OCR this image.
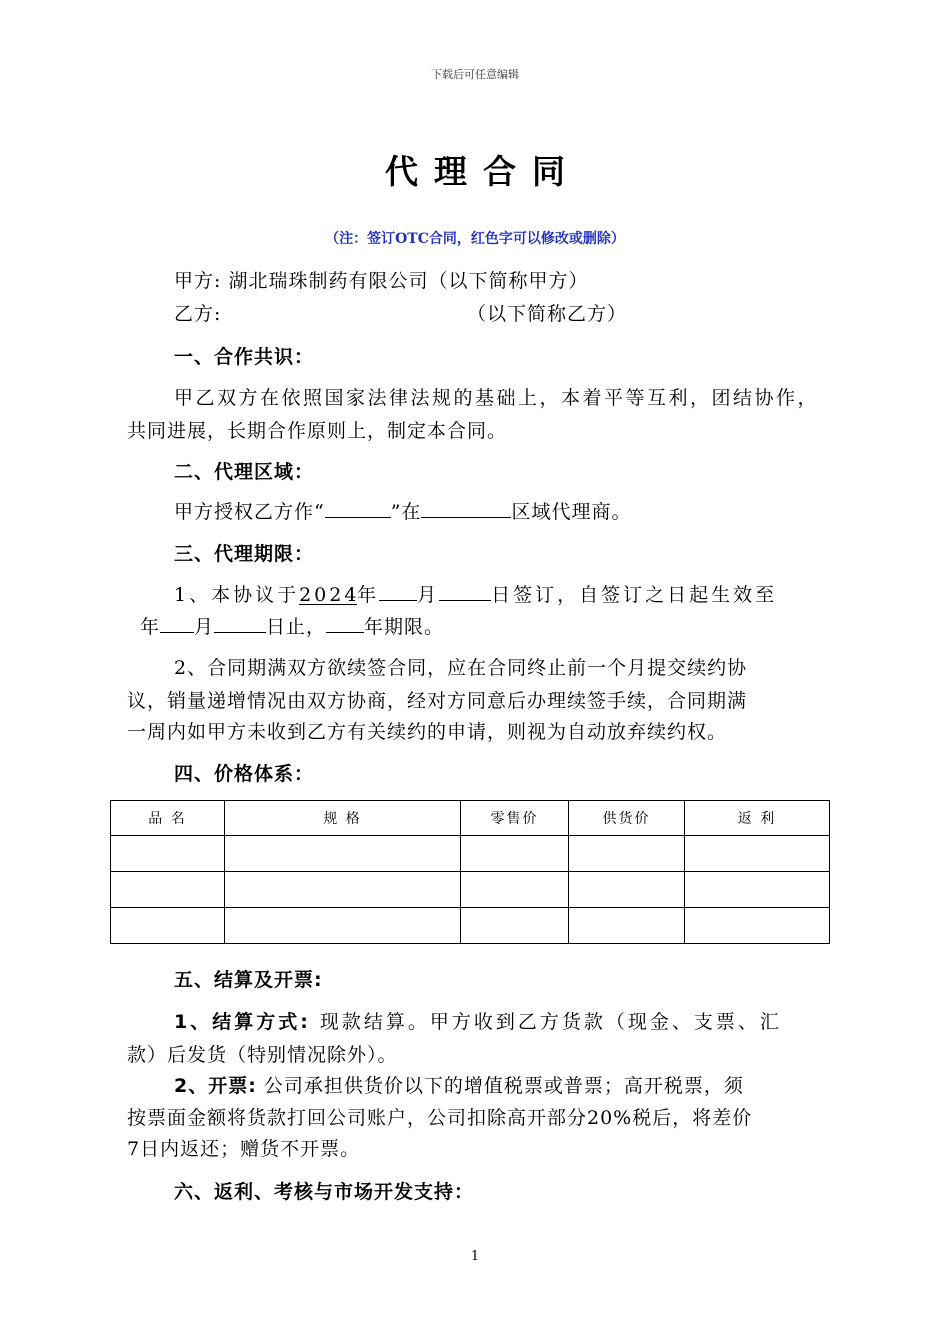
下载后可任意编辑
代理合同
（注：签订OTC合同，红色字可以修改或删除）
甲方: 湖北瑞珠制药有限公司（以下简称甲方）
乙方:	（以下简称乙方）
一、合作共识：
甲乙双方在依照国家法律法规的基础上，本着平等互利，团结协作，
共同进展，长期合作原则上，制定本合同。
二、代理区域：
甲方授权乙方作“	”在	区域代理商。
三、代理期限：
1、本协议于2024年 月	日签订，自签订之日起生效至
年 月	日止， 年期限。
2、合同期满双方欲续签合同，应在合同终止前一个月提交续约协
议，销量递增情况由双方协商，经对方同意后办理续签手续，合同期满
一周内如甲方未收到乙方有关续约的申请，则视为自动放弃续约权。
四、价格体系：
品 名	规 格	零售价	供货价	返 利

五、结算及开票:
1、结算方式: 现款结算。甲方收到乙方货款（现金、支票、汇
款）后发货（特别情况除外）。
2、开票: 公司承担供货价以下的增值税票或普票；高开税票，须
按票面金额将货款打回公司账户，公司扣除高开部分20%税后，将差价
7日内返还；赠货不开票。
六、返利、考核与市场开发支持：
1
